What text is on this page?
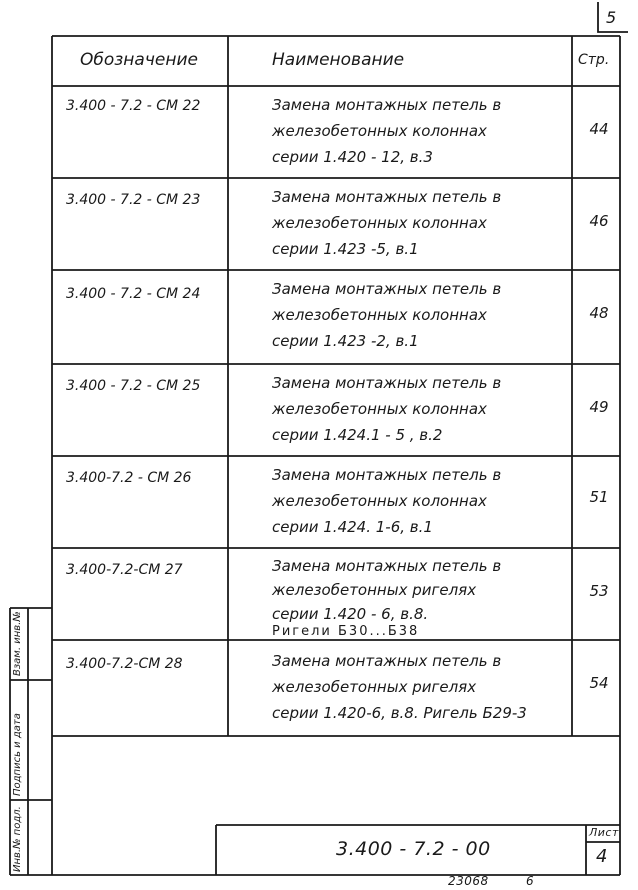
5
Обозначение	Наименование	Стр.
3.400 - 7.2 - СМ 22	Замена монтажных петель в
железобетонных колоннах
серии 1.420 - 12, в.3
44
3.400 - 7.2 - СМ 23	Замена монтажных петель в
железобетонных колоннах
серии 1.423 -5, в.1
46
3.400 - 7.2 - СМ 24	Замена монтажных петель в
железобетонных колоннах
серии 1.423 -2, в.1
48
3.400 - 7.2 - СМ 25	Замена монтажных петель в
железобетонных колоннах
серии 1.424.1 - 5 , в.2
49
3.400-7.2 - СМ 26	Замена монтажных петель в
железобетонных колоннах
серии 1.424. 1-6, в.1
51
3.400-7.2-СМ 27	Замена монтажных петель в
железобетонных ригелях
серии 1.420 - 6, в.8.
Ригели Б30...Б38
53
3.400-7.2-СМ 28	Замена монтажных петель в
железобетонных ригелях
серии 1.420-6, в.8. Ригель Б29-3
54
3.400 - 7.2 - 00
Лист
4
Инв.№ подл.
Подпись и дата
Взам. инв.№
23068	6
